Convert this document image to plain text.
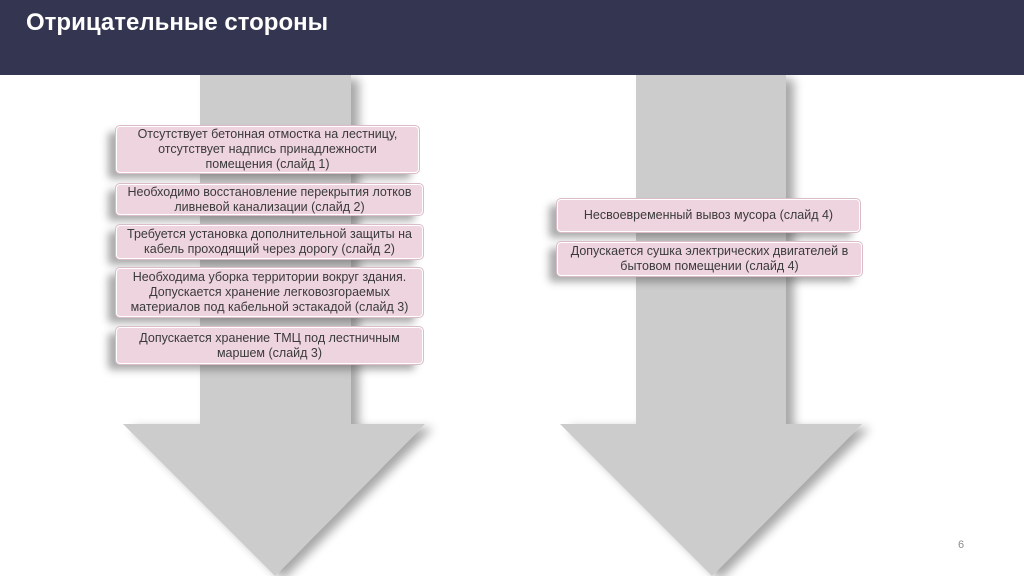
Отрицательные стороны
Отсутствует бетонная отмостка на лестницу, отсутствует надпись принадлежности помещения (слайд 1)
Необходимо восстановление перекрытия лотков ливневой канализации (слайд 2)
Требуется установка дополнительной защиты на кабель проходящий через дорогу (слайд 2)
Необходима уборка территории вокруг здания. Допускается хранение легковозгораемых материалов под кабельной эстакадой (слайд 3)
Допускается хранение ТМЦ под лестничным маршем (слайд 3)
Несвоевременный вывоз мусора (слайд 4)
Допускается сушка электрических двигателей в бытовом помещении (слайд 4)
6
